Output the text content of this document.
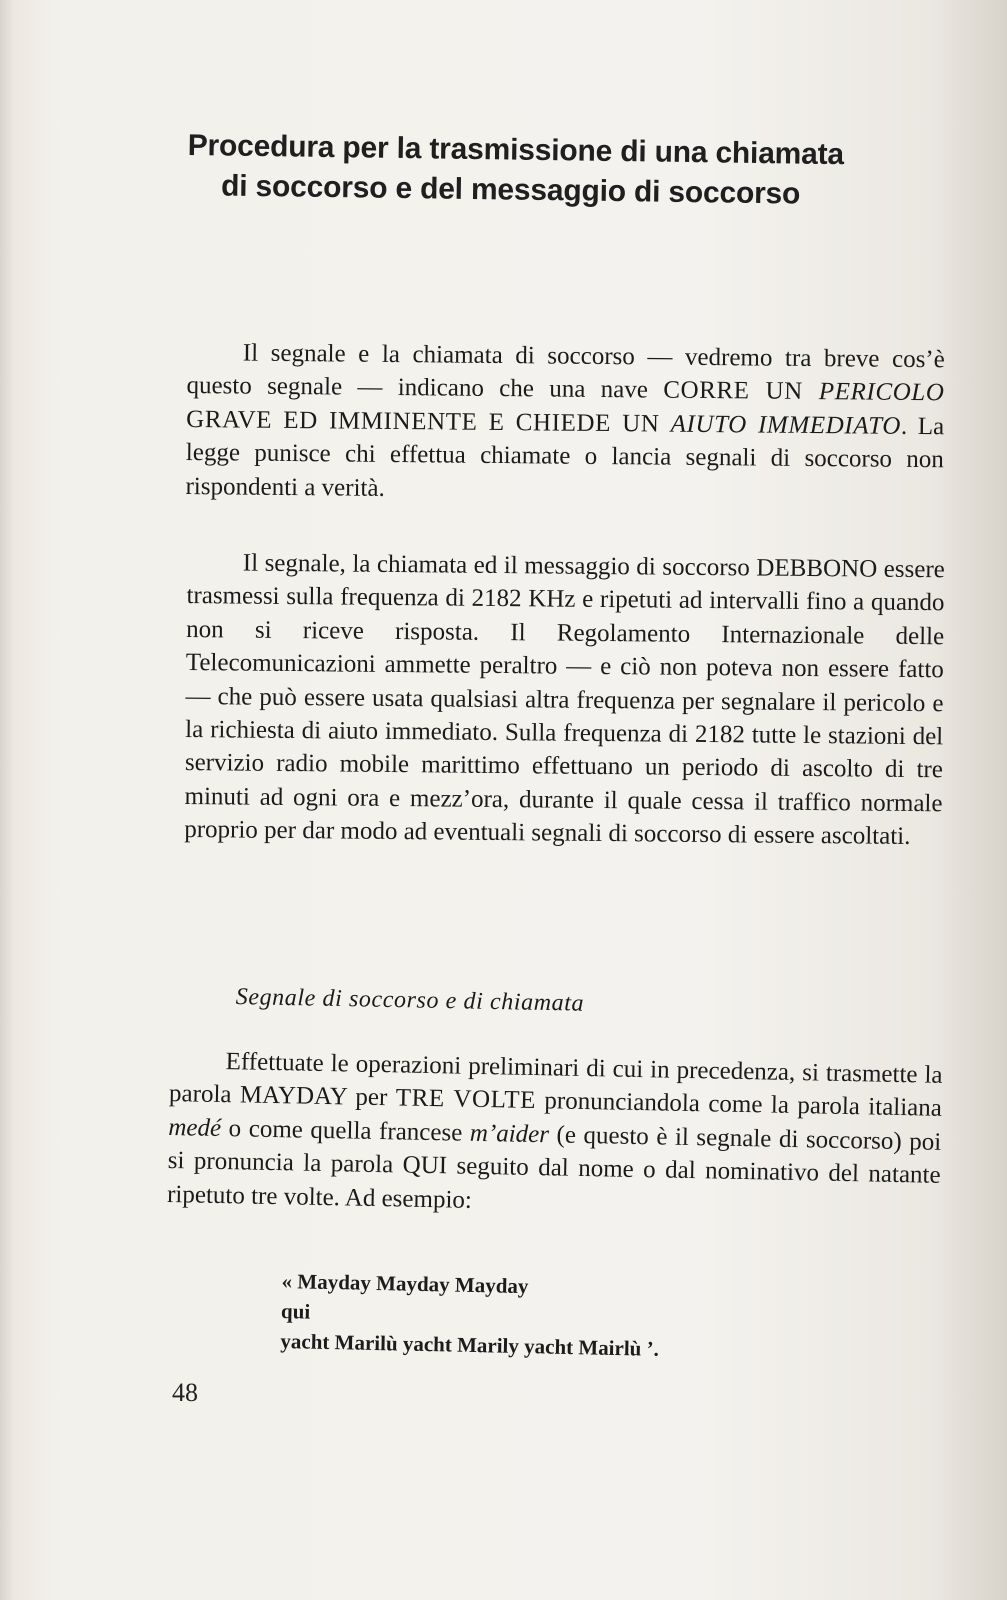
Procedura per la trasmissione di una chiamata
di soccorso e del messaggio di soccorso

Il segnale e la chiamata di soccorso — vedremo tra breve cos’è questo segnale — indicano che una nave CORRE UN PERICOLO GRAVE ED IMMINENTE E CHIEDE UN AIUTO IMMEDIATO. La legge punisce chi effettua chiamate o lancia segnali di soccorso non rispondenti a verità.

Il segnale, la chiamata ed il messaggio di soccorso DEBBONO essere trasmessi sulla frequenza di 2182 KHz e ripetuti ad intervalli fino a quando non si riceve risposta. Il Regolamento Internazionale delle Telecomunicazioni ammette peraltro — e ciò non poteva non essere fatto — che può essere usata qualsiasi altra frequenza per segnalare il pericolo e la richiesta di aiuto immediato. Sulla frequenza di 2182 tutte le stazioni del servizio radio mobile marittimo effettuano un periodo di ascolto di tre minuti ad ogni ora e mezz’ora, durante il quale cessa il traffico normale proprio per dar modo ad eventuali segnali di soccorso di essere ascoltati.

Segnale di soccorso e di chiamata

Effettuate le operazioni preliminari di cui in precedenza, si trasmette la parola MAYDAY per TRE VOLTE pronunciandola come la parola italiana medé o come quella francese m’aider (e questo è il segnale di soccorso) poi si pronuncia la parola QUI seguito dal nome o dal nominativo del natante ripetuto tre volte. Ad esempio:

« Mayday Mayday Mayday
qui
yacht Marilù yacht Marily yacht Mairlù ’.
48
